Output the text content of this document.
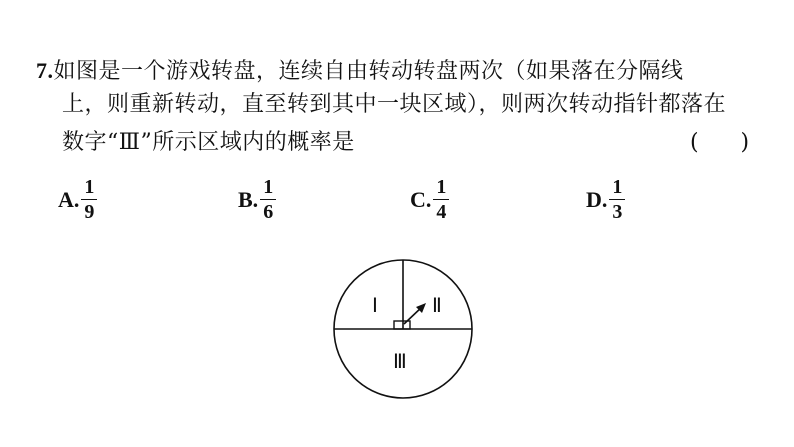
7.如图是一个游戏转盘，连续自由转动转盘两次（如果落在分隔线
上，则重新转动，直至转到其中一块区域），则两次转动指针都落在
数字“Ⅲ”所示区域内的概率是	(      )
A. $\frac{1}{9}$	B. $\frac{1}{6}$	C. $\frac{1}{4}$	D. $\frac{1}{3}$
Ⅰ	Ⅱ
Ⅲ
